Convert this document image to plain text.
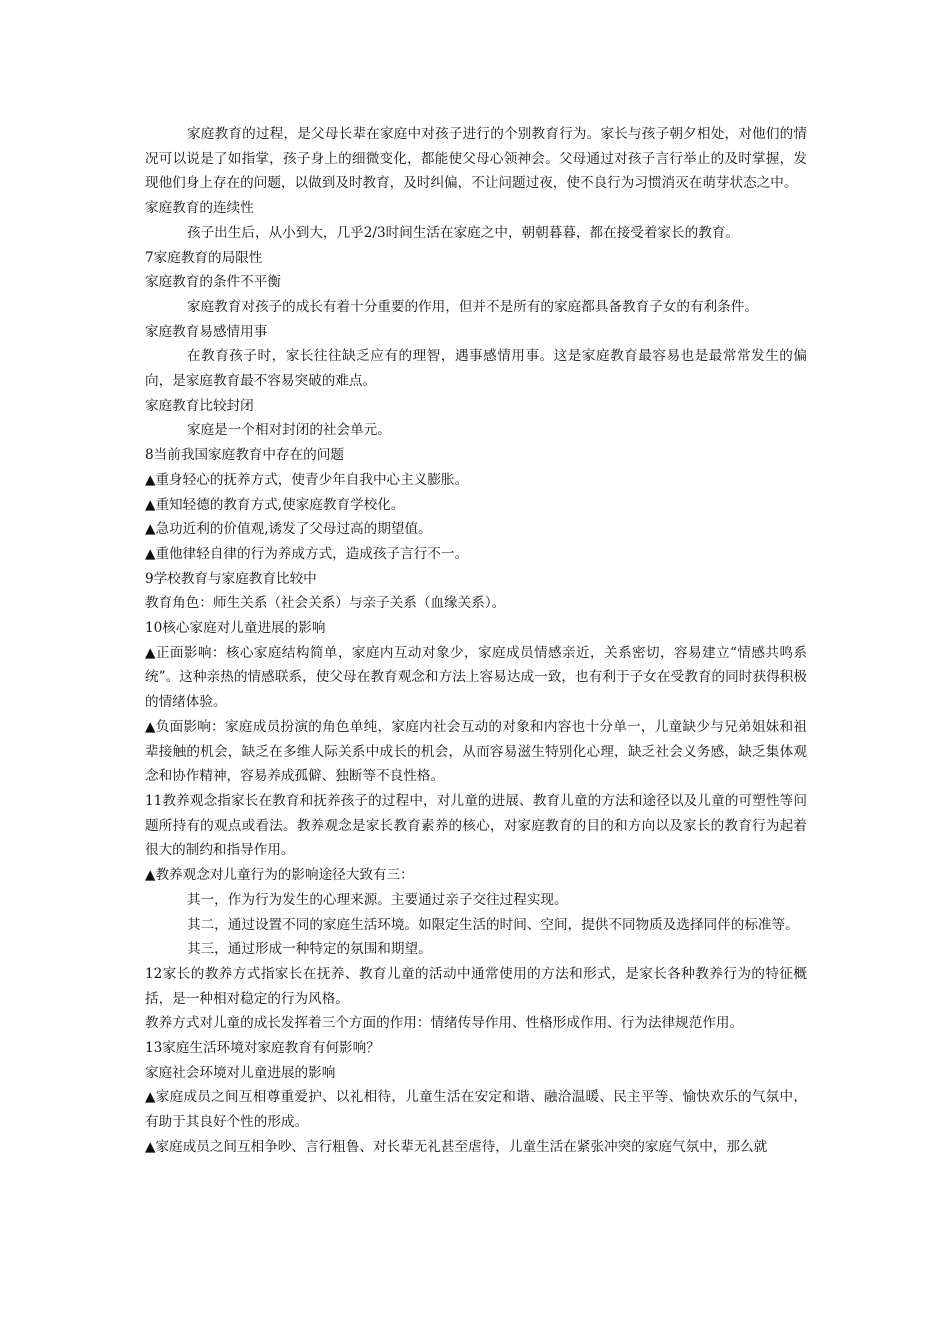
家庭教育的过程，是父母长辈在家庭中对孩子进行的个别教育行为。家长与孩子朝夕相处，对他们的情况可以说是了如指掌，孩子身上的细微变化，都能使父母心领神会。父母通过对孩子言行举止的及时掌握，发现他们身上存在的问题，以做到及时教育，及时纠偏，不让问题过夜，使不良行为习惯消灭在萌芽状态之中。

家庭教育的连续性

孩子出生后，从小到大，几乎2/3时间生活在家庭之中，朝朝暮暮，都在接受着家长的教育。

7家庭教育的局限性

家庭教育的条件不平衡

家庭教育对孩子的成长有着十分重要的作用，但并不是所有的家庭都具备教育子女的有利条件。

家庭教育易感情用事

在教育孩子时，家长往往缺乏应有的理智，遇事感情用事。这是家庭教育最容易也是最常常发生的偏向，是家庭教育最不容易突破的难点。

家庭教育比较封闭

家庭是一个相对封闭的社会单元。

8当前我国家庭教育中存在的问题

▲重身轻心的抚养方式，使青少年自我中心主义膨胀。

▲重知轻德的教育方式,使家庭教育学校化。

▲急功近利的价值观,诱发了父母过高的期望值。

▲重他律轻自律的行为养成方式，造成孩子言行不一。

9学校教育与家庭教育比较中

教育角色：师生关系（社会关系）与亲子关系（血缘关系）。

10核心家庭对儿童进展的影响

▲正面影响：核心家庭结构简单，家庭内互动对象少，家庭成员情感亲近，关系密切，容易建立“情感共鸣系统”。这种亲热的情感联系，使父母在教育观念和方法上容易达成一致，也有利于子女在受教育的同时获得积极的情绪体验。

▲负面影响：家庭成员扮演的角色单纯，家庭内社会互动的对象和内容也十分单一，儿童缺少与兄弟姐妹和祖辈接触的机会，缺乏在多维人际关系中成长的机会，从而容易滋生特别化心理，缺乏社会义务感，缺乏集体观念和协作精神，容易养成孤僻、独断等不良性格。

11教养观念指家长在教育和抚养孩子的过程中，对儿童的进展、教育儿童的方法和途径以及儿童的可塑性等问题所持有的观点或看法。教养观念是家长教育素养的核心，对家庭教育的目的和方向以及家长的教育行为起着很大的制约和指导作用。

▲教养观念对儿童行为的影响途径大致有三：

其一，作为行为发生的心理来源。主要通过亲子交往过程实现。

其二，通过设置不同的家庭生活环境。如限定生活的时间、空间，提供不同物质及选择同伴的标准等。

其三，通过形成一种特定的氛围和期望。

12家长的教养方式指家长在抚养、教育儿童的活动中通常使用的方法和形式，是家长各种教养行为的特征概括，是一种相对稳定的行为风格。

教养方式对儿童的成长发挥着三个方面的作用：情绪传导作用、性格形成作用、行为法律规范作用。

13家庭生活环境对家庭教育有何影响？

家庭社会环境对儿童进展的影响

▲家庭成员之间互相尊重爱护、以礼相待，儿童生活在安定和谐、融洽温暖、民主平等、愉快欢乐的气氛中，有助于其良好个性的形成。

▲家庭成员之间互相争吵、言行粗鲁、对长辈无礼甚至虐待，儿童生活在紧张冲突的家庭气氛中，那么就
